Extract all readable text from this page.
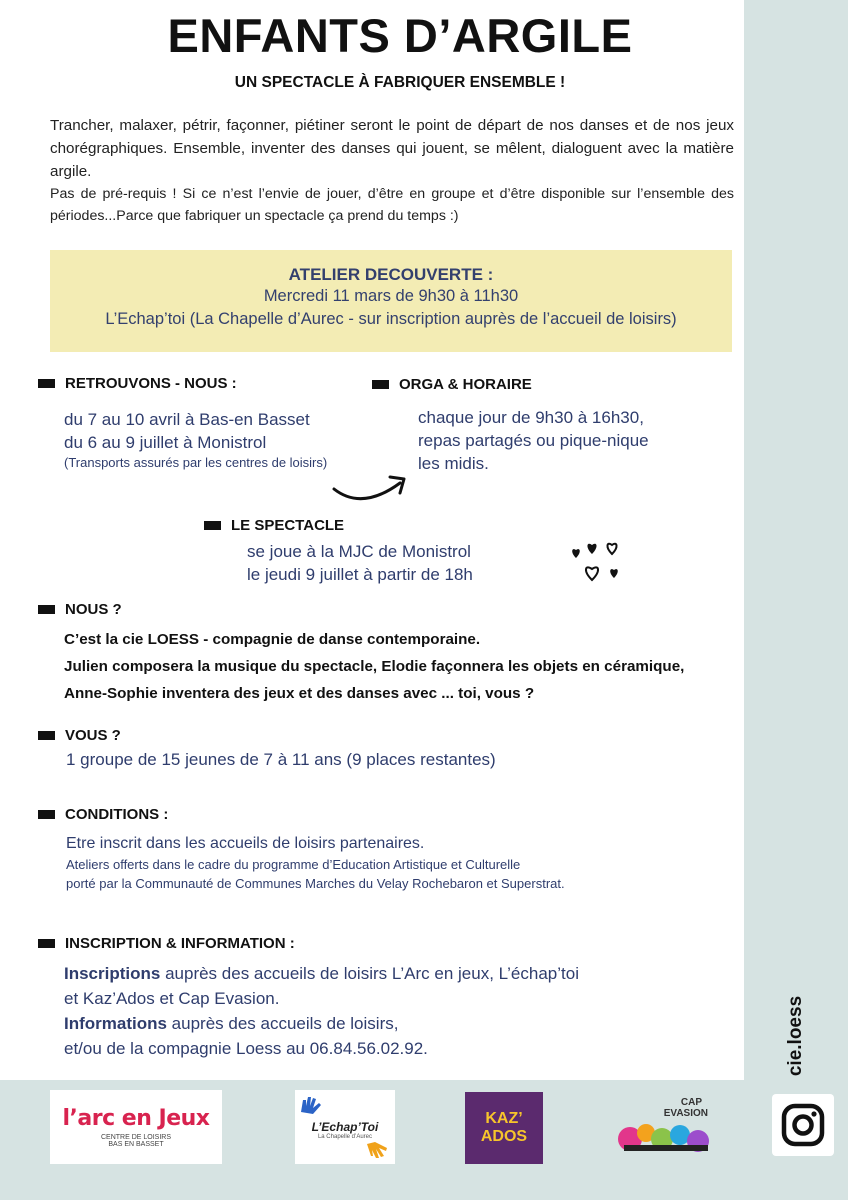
ENFANTS D’ARGILE
UN SPECTACLE À FABRIQUER ENSEMBLE !

Trancher, malaxer, pétrir, façonner, piétiner seront le point de départ de nos danses et de nos jeux chorégraphiques. Ensemble, inventer des danses qui jouent, se mêlent, dialoguent avec la matière argile.

Pas de pré-requis ! Si ce n’est l’envie de jouer, d’être en groupe et d’être disponible sur l’ensemble des périodes...Parce que fabriquer un spectacle ça prend du temps :)

ATELIER DECOUVERTE :
Mercredi 11 mars de 9h30 à 11h30
L’Echap’toi (La Chapelle d’Aurec - sur inscription auprès de l’accueil de loisirs)
RETROUVONS - NOUS :
du 7 au 10 avril à Bas-en Basset
du 6 au 9 juillet à Monistrol
(Transports assurés par les centres de loisirs)
ORGA & HORAIRE
chaque jour de 9h30 à 16h30,
repas partagés ou pique-nique
les midis.
LE SPECTACLE
se joue à la MJC de Monistrol
le jeudi 9 juillet à partir de 18h
NOUS ?
C’est la cie LOESS - compagnie de danse contemporaine.
Julien composera la musique du spectacle, Elodie façonnera les objets en céramique, Anne-Sophie inventera des jeux et des danses avec ... toi, vous ?
VOUS ?
1 groupe de 15 jeunes de 7 à 11 ans (9 places restantes)
CONDITIONS :
Etre inscrit dans les accueils de loisirs partenaires.
Ateliers offerts dans le cadre du programme d’Education Artistique et Culturelle
porté par la Communauté de Communes Marches du Velay Rochebaron et Superstrat.
INSCRIPTION & INFORMATION :
Inscriptions auprès des accueils de loisirs L’Arc en jeux, L’échap’toi
et Kaz’Ados et Cap Evasion.
Informations auprès des accueils de loisirs,
et/ou de la compagnie Loess au 06.84.56.02.92.	cie.loess
l’arc en Jeux
CENTRE DE LOISIRS
BAS EN BASSET
L’Echap’Toi
La Chapelle d’Aurec
KAZ’
ADOS
CAP
EVASION
